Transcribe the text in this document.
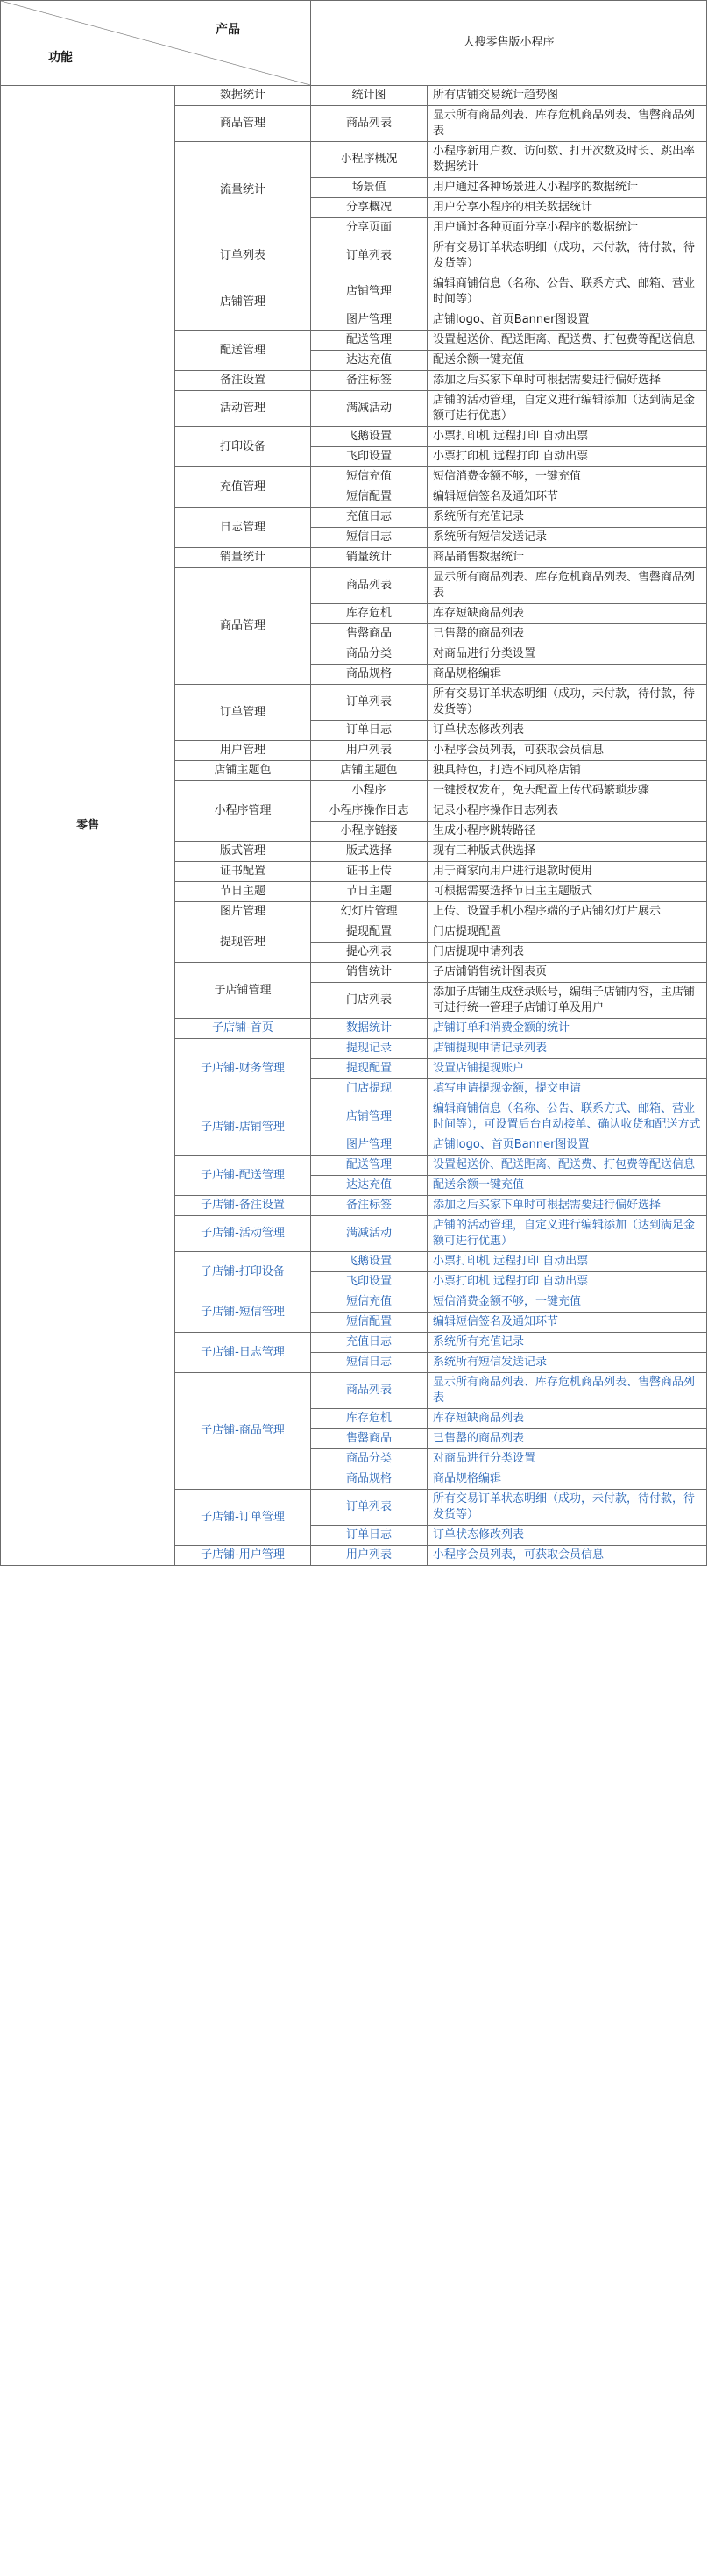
产品
功能		大搜零售版小程序	
零售	数据统计	统计图	所有店铺交易统计趋势图
	商品管理	商品列表	显示所有商品列表、库存危机商品列表、售罄商品列表
	流量统计	小程序概况	小程序新用户数、访问数、打开次数及时长、跳出率数据统计
		场景值	用户通过各种场景进入小程序的数据统计
		分享概况	用户分享小程序的相关数据统计
		分享页面	用户通过各种页面分享小程序的数据统计
	订单列表	订单列表	所有交易订单状态明细（成功，未付款，待付款，待发货等）
	店铺管理	店铺管理	编辑商铺信息（名称、公告、联系方式、邮箱、营业时间等）
		图片管理	店铺logo、首页Banner图设置
	配送管理	配送管理	设置起送价、配送距离、配送费、打包费等配送信息
		达达充值	配送余额一键充值
	备注设置	备注标签	添加之后买家下单时可根据需要进行偏好选择
	活动管理	满减活动	店铺的活动管理，自定义进行编辑添加（达到满足金额可进行优惠）
	打印设备	飞鹅设置	小票打印机 远程打印 自动出票
		飞印设置	小票打印机 远程打印 自动出票
	充值管理	短信充值	短信消费金额不够，一键充值
		短信配置	编辑短信签名及通知环节
	日志管理	充值日志	系统所有充值记录
		短信日志	系统所有短信发送记录
	销量统计	销量统计	商品销售数据统计
	商品管理	商品列表	显示所有商品列表、库存危机商品列表、售罄商品列表
		库存危机	库存短缺商品列表
		售罄商品	已售罄的商品列表
		商品分类	对商品进行分类设置
		商品规格	商品规格编辑
	订单管理	订单列表	所有交易订单状态明细（成功，未付款，待付款，待发货等）
		订单日志	订单状态修改列表
	用户管理	用户列表	小程序会员列表，可获取会员信息
	店铺主题色	店铺主题色	独具特色，打造不同风格店铺
	小程序管理	小程序	一键授权发布，免去配置上传代码繁琐步骤
		小程序操作日志	记录小程序操作日志列表
		小程序链接	生成小程序跳转路径
	版式管理	版式选择	现有三种版式供选择
	证书配置	证书上传	用于商家向用户进行退款时使用
	节日主题	节日主题	可根据需要选择节日主主题版式
	图片管理	幻灯片管理	上传、设置手机小程序端的子店铺幻灯片展示
	提现管理	提现配置	门店提现配置
		提心列表	门店提现申请列表
	子店铺管理	销售统计	子店铺销售统计图表页
		门店列表	添加子店铺生成登录账号，编辑子店铺内容，主店铺可进行统一管理子店铺订单及用户
	子店铺-首页	数据统计	店铺订单和消费金额的统计
	子店铺-财务管理	提现记录	店铺提现申请记录列表
		提现配置	设置店铺提现账户
		门店提现	填写申请提现金额，提交申请
	子店铺-店铺管理	店铺管理	编辑商铺信息（名称、公告、联系方式、邮箱、营业时间等），可设置后台自动接单、确认收货和配送方式
		图片管理	店铺logo、首页Banner图设置
	子店铺-配送管理	配送管理	设置起送价、配送距离、配送费、打包费等配送信息
		达达充值	配送余额一键充值
	子店铺-备注设置	备注标签	添加之后买家下单时可根据需要进行偏好选择
	子店铺-活动管理	满减活动	店铺的活动管理，自定义进行编辑添加（达到满足金额可进行优惠）
	子店铺-打印设备	飞鹅设置	小票打印机 远程打印 自动出票
		飞印设置	小票打印机 远程打印 自动出票
	子店铺-短信管理	短信充值	短信消费金额不够，一键充值
		短信配置	编辑短信签名及通知环节
	子店铺-日志管理	充值日志	系统所有充值记录
		短信日志	系统所有短信发送记录
	子店铺-商品管理	商品列表	显示所有商品列表、库存危机商品列表、售罄商品列表
		库存危机	库存短缺商品列表
		售罄商品	已售罄的商品列表
		商品分类	对商品进行分类设置
		商品规格	商品规格编辑
	子店铺-订单管理	订单列表	所有交易订单状态明细（成功，未付款，待付款，待发货等）
		订单日志	订单状态修改列表
	子店铺-用户管理	用户列表	小程序会员列表，可获取会员信息
